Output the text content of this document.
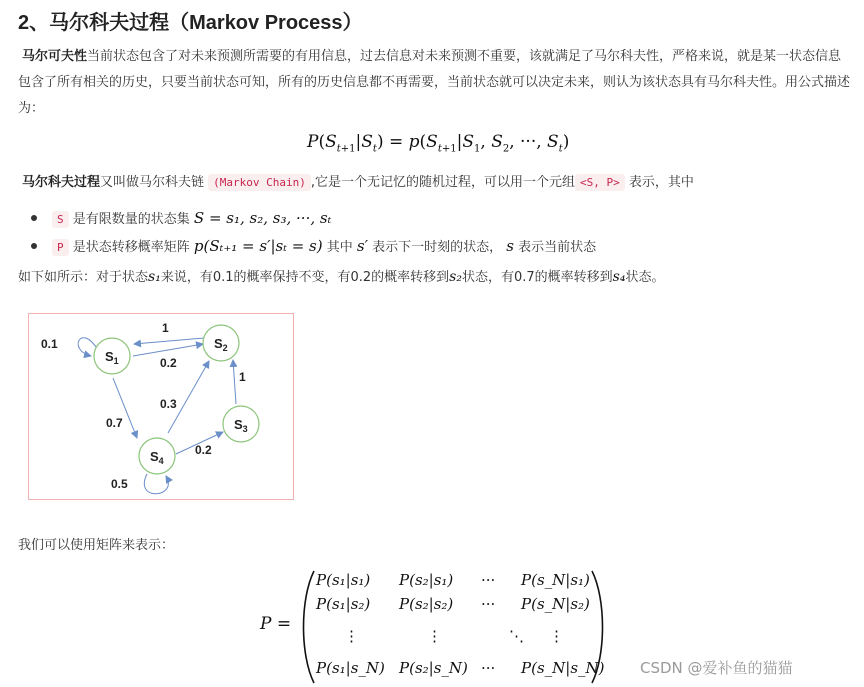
2、马尔科夫过程（Markov Process）
马尔可夫性当前状态包含了对未来预测所需要的有用信息，过去信息对未来预测不重要，该就满足了马尔科夫性，严格来说，就是某一状态信息包含了所有相关的历史，只要当前状态可知，所有的历史信息都不再需要，当前状态就可以决定未来，则认为该状态具有马尔科夫性。用公式描述为：
$P(S_{t+1}|S_t) = p(S_{t+1}|S_1$, $S_2$, ···, $S_t$)
马尔科夫过程又叫做马尔科夫链 (Markov Chain) ,它是一个无记忆的随机过程，可以用一个元组 <S, P> 表示，其中
S 是有限数量的状态集 S = s₁, s₂, s₃, ···, sₜ
P 是状态转移概率矩阵 p(Sₜ₊₁ = s′|sₜ = s) 其中 s′ 表示下一时刻的状态， s 表示当前状态
如下如所示：对于状态s₁来说，有0.1的概率保持不变，有0.2的概率转移到s₂状态，有0.7的概率转移到s₄状态。
$S_1$
$S_2$
$S_3$
$S_4$
0.1
1
0.2
1
0.3
0.7
0.2
0.5
我们可以使用矩阵来表示：
P =
P(s₁|s₁) P(s₂|s₁) ··· P(s_N|s₁)
P(s₁|s₂) P(s₂|s₂) ··· P(s_N|s₂)
⋮	⋮	⋱ ⋮
P(s₁|s_N) P(s₂|s_N) ··· P(s_N|s_N) CSDN @爱补鱼的猫猫
